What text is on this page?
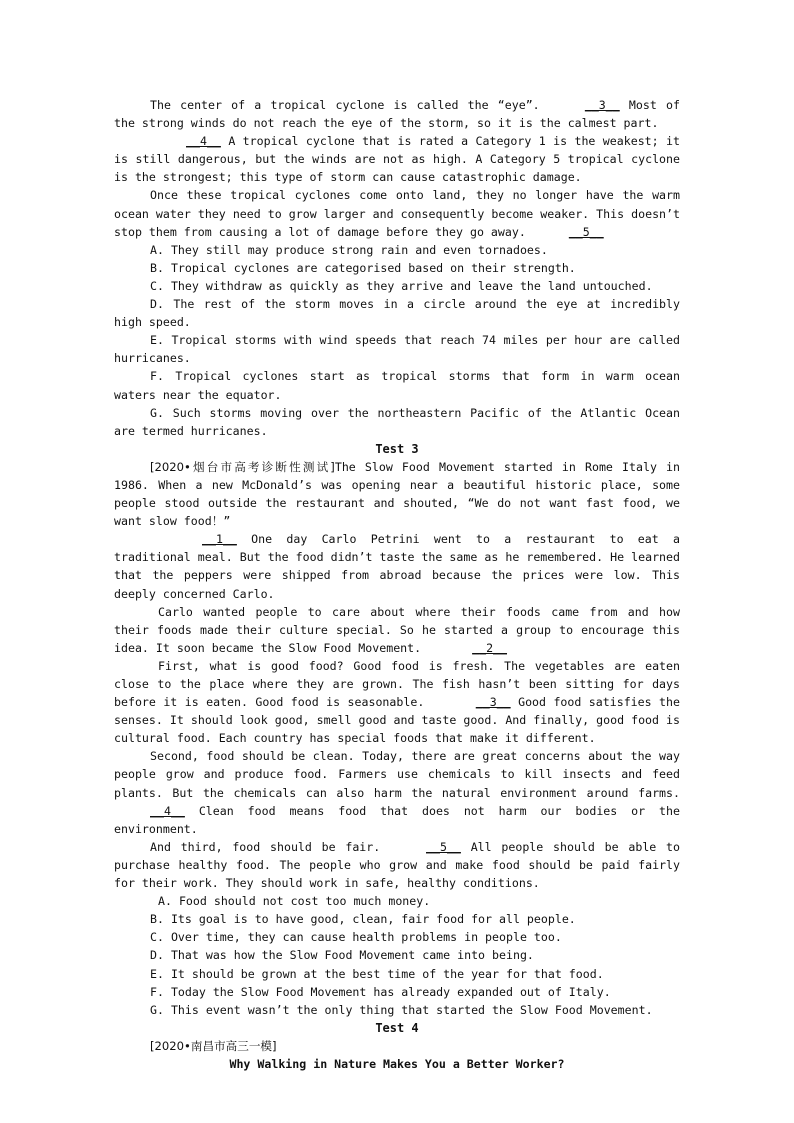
The center of a tropical cyclone is called the “eye”.	__3__ Most of the strong winds do not reach the eye of the storm, so it is the calmest part.

__4__ A tropical cyclone that is rated a Category 1 is the weakest; it is still dangerous, but the winds are not as high. A Category 5 tropical cyclone is the strongest; this type of storm can cause catastrophic damage.

Once these tropical cyclones come onto land, they no longer have the warm ocean water they need to grow larger and consequently become weaker. This doesn’t stop them from causing a lot of damage before they go away.	__5__

A. They still may produce strong rain and even tornadoes.

B. Tropical cyclones are categorised based on their strength.

C. They withdraw as quickly as they arrive and leave the land untouched.

D. The rest of the storm moves in a circle around the eye at incredibly high speed.

E. Tropical storms with wind speeds that reach 74 miles per hour are called hurricanes.

F. Tropical cyclones start as tropical storms that form in warm ocean waters near the equator.

G. Such storms moving over the northeastern Pacific of the Atlantic Ocean are termed hurricanes.

Test 3

[2020•烟台市高考诊断性测试]The Slow Food Movement started in Rome Italy in 1986. When a new McDonald’s was opening near a beautiful historic place, some people stood outside the restaurant and shouted, “We do not want fast food, we want slow food！”

__1__ One day Carlo Petrini went to a restaurant to eat a traditional meal. But the food didn’t taste the same as he remembered. He learned that the peppers were shipped from abroad because the prices were low. This deeply concerned Carlo.

Carlo wanted people to care about where their foods came from and how their foods made their culture special. So he started a group to encourage this idea. It soon became the Slow Food Movement.	__2__

First, what is good food? Good food is fresh. The vegetables are eaten close to the place where they are grown. The fish hasn’t been sitting for days before it is eaten. Good food is seasonable.	__3__ Good food satisfies the senses. It should look good, smell good and taste good. And finally, good food is cultural food. Each country has special foods that make it different.

Second, food should be clean. Today, there are great concerns about the way people grow and produce food. Farmers use chemicals to kill insects and feed plants. But the chemicals can also harm the natural environment around farms. __4__ Clean food means food that does not harm our bodies or the environment.

And third, food should be fair.	__5__ All people should be able to purchase healthy food. The people who grow and make food should be paid fairly for their work. They should work in safe, healthy conditions.

A. Food should not cost too much money.

B. Its goal is to have good, clean, fair food for all people.

C. Over time, they can cause health problems in people too.

D. That was how the Slow Food Movement came into being.

E. It should be grown at the best time of the year for that food.

F. Today the Slow Food Movement has already expanded out of Italy.

G. This event wasn’t the only thing that started the Slow Food Movement.

Test 4

[2020•南昌市高三一模]

Why Walking in Nature Makes You a Better Worker?
